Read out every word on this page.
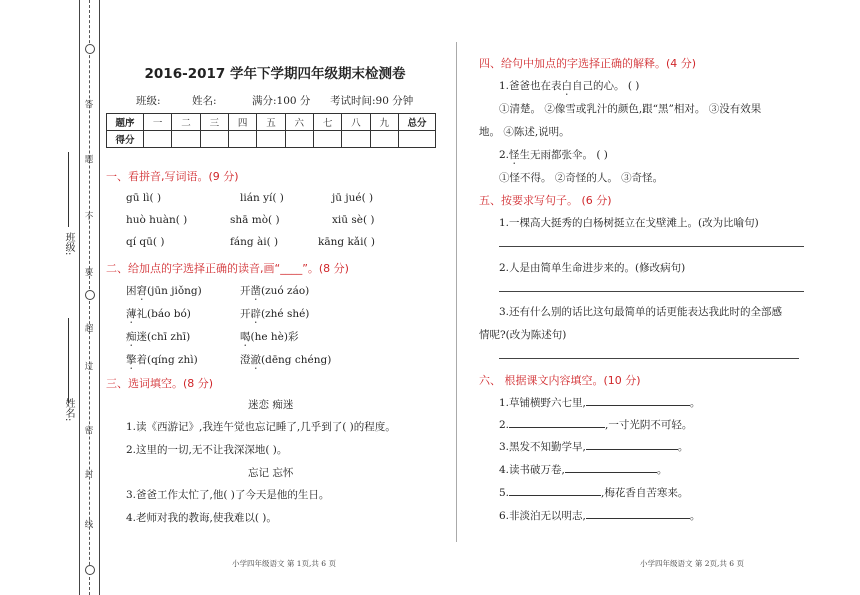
答
题
不
要
超
过
密
封
线
班级:
姓名:
2016-2017 学年下学期四年级期末检测卷
班级:	姓名:	满分:100 分 考试时间:90 分钟
题序	一	二	三	四	五	六	七	八	九	总分
得分										
一、看拼音,写词语。(9 分)
gū lì( )	lián yí( )	jū jué( )
huò huàn( )	shā mò( )	xiū sè( )
qí qū( )	fáng ài( )	kāng kǎi( )
二、给加点的字选择正确的读音,画“____”。(8 分)
困窘(jūn jiǒng)	开凿(zuó záo)
薄礼(báo bó)	开辟(zhé shé)
痴迷(chī zhī)	喝(he hè)彩
擎着(qíng zhì)	澄澈(dēng chéng)
三、选词填空。(8 分)
迷恋 痴迷
1.读《西游记》,我连午觉也忘记睡了,几乎到了( )的程度。
2.这里的一切,无不让我深深地( )。
忘记 忘怀
3.爸爸工作太忙了,他( )了今天是他的生日。
4.老师对我的教诲,使我难以( )。
小学四年级语文 第 1页,共 6 页
四、给句中加点的字选择正确的解释。(4 分)
1.爸爸也在表白自己的心。 ( )
①清楚。 ②像雪或乳汁的颜色,跟“黑”相对。 ③没有效果
地。 ④陈述,说明。
2.怪生无雨都张伞。 ( )
①怪不得。 ②奇怪的人。 ③奇怪。
五、按要求写句子。 (6 分)
1.一棵高大挺秀的白杨树挺立在戈壁滩上。(改为比喻句)
2.人是由简单生命进步来的。(修改病句)
3.还有什么别的话比这句最简单的话更能表达我此时的全部感
情呢?(改为陈述句)
六、 根据课文内容填空。(10 分)
1.草铺横野六七里,	。
2.	,一寸光阴不可轻。
3.黑发不知勤学早,	。
4.读书破万卷,	。
5.	,梅花香自苦寒来。
6.非淡泊无以明志,	。
小学四年级语文 第 2页,共 6 页
